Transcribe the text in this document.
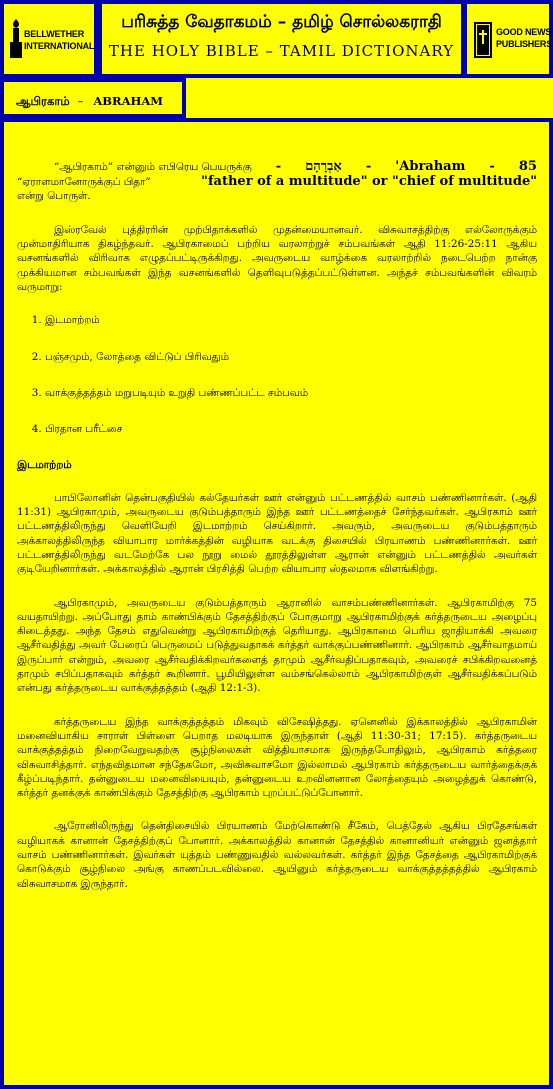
BELLWETHER
INTERNATIONAL
பரிசுத்த வேதாகமம் – தமிழ் சொல்லகராதி
THE HOLY BIBLE – TAMIL DICTIONARY
GOOD NEWS
PUBLISHERS
ஆபிரகாம் – ABRAHAM
“ஆபிரகாம்” என்னும் எபிரெய பெயருக்கு - אַבְרָהָם - 'Abraham - 85
“ஏராளமானோருக்குப் பிதா”	"father of a multitude" or "chief of multitude"
என்று பொருள்.

இஸ்ரவேல் புத்திரரின் முற்பிதாக்களில் முதன்மையானவர். விசுவாசத்திற்கு எல்லோருக்கும் முன்மாதிரியாக திகழ்ந்தவர். ஆபிரகாமைப் பற்றிய வரலாற்றுச் சம்பவங்கள் ஆதி 11:26-25:11 ஆகிய வசனங்களில் விரிவாக எழுதப்பட்டிருக்கிறது. அவருடைய வாழ்க்கை வரலாற்றில் நடைபெற்ற நான்கு முக்கியமான சம்பவங்கள் இந்த வசனங்களில் தெளிவுபடுத்தப்பட்டுள்ளன. அந்தச் சம்பவங்களின் விவரம் வருமாறு:

1. இடமாற்றம்
2. பஞ்சமும், லோத்தை விட்டுப் பிரிவதும்
3. வாக்குத்தத்தம் மறுபடியும் உறுதி பண்ணப்பட்ட சம்பவம்
4. பிரதான பரீட்சை
இடமாற்றம்

பாபிலோனின் தென்பகுதியில் கல்தேயர்கள் ஊர் என்னும் பட்டணத்தில் வாசம் பண்ணினார்கள். (ஆதி 11:31) ஆபிரகாமும், அவருடைய குடும்பத்தாரும் இந்த ஊர் பட்டணத்தைச் சேர்ந்தவர்கள். ஆபிரகாம் ஊர் பட்டணத்திலிருந்து வெளியேறி இடமாற்றம் செய்கிறார். அவரும், அவருடைய குடும்பத்தாரும் அக்காலத்திலிருந்த வியாபார மார்க்கத்தின் வழியாக வடக்கு திசையில் பிரயாணம் பண்ணினார்கள். ஊர் பட்டணத்திலிருந்து வடமேற்கே பல நூறு மைல் தூரத்திலுள்ள ஆரான் என்னும் பட்டணத்தில் அவர்கள் குடியேறினார்கள். அக்காலத்தில் ஆரான் பிரசித்தி பெற்ற வியாபார ஸ்தலமாக விளங்கிற்று.

ஆபிரகாமும், அவருடைய குடும்பத்தாரும் ஆரானில் வாசம்பண்ணினார்கள். ஆபிரகாமிற்கு 75 வயதாயிற்று. அப்போது தாம் காண்பிக்கும் தேசத்திற்குப் போகுமாறு ஆபிரகாமிற்குக் கர்த்தருடைய அழைப்பு கிடைத்தது. அந்த தேசம் எதுவென்று ஆபிரகாமிற்குத் தெரியாது. ஆபிரகாமை பெரிய ஜாதியாக்கி அவரை ஆசீர்வதித்து அவர் பேரைப் பெருமைப் படுத்துவதாகக் கர்த்தர் வாக்குப்பண்ணினார். ஆபிரகாம் ஆசீர்வாதமாய் இருப்பார் என்றும், அவரை ஆசீர்வதிக்கிறவர்களைத் தாமும் ஆசீர்வதிப்பதாகவும், அவரைச் சபிக்கிறவனைத் தாமும் சபிப்பதாகவும் கர்த்தர் கூறினார். பூமியிலுள்ள வம்சங்கெல்லாம் ஆபிரகாமிற்குள் ஆசீர்வதிக்கப்படும் என்பது கர்த்தருடைய வாக்குத்தத்தம் (ஆதி 12:1-3).

கர்த்தருடைய இந்த வாக்குத்தத்தம் மிகவும் விசேஷித்தது. ஏனெனில் இக்காலத்தில் ஆபிரகாமின் மனைவியாகிய சாராள் பிள்ளை பெறாத மலடியாக இருந்தாள் (ஆதி 11:30-31; 17:15). கர்த்தருடைய வாக்குத்தத்தம் நிறைவேறுவதற்கு சூழ்நிலைகள் வித்தியாசமாக இருந்தபோதிலும், ஆபிரகாம் கர்த்தரை விசுவாசித்தார். எந்தவிதமான சந்தேகமோ, அவிசுவாசமோ இல்லாமல் ஆபிரகாம் கர்த்தருடைய வார்த்தைக்குக் கீழ்ப்படிந்தார். தன்னுடைய மனைவியையும், தன்னுடைய உறவினனான லோத்தையும் அழைத்துக் கொண்டு, கர்த்தர் தனக்குக் காண்பிக்கும் தேசத்திற்கு ஆபிரகாம் புறப்பட்டுப்போனார்.

ஆரோனிலிருந்து தென்திசையில் பிரயாணம் மேற்கொண்டு சீகேம், பெத்தேல் ஆகிய பிரதேசங்கள் வழியாகக் கானான் தேசத்திற்குப் போனார். அக்காலத்தில் கானான் தேசத்தில் கானானியர் என்னும் ஜனத்தார் வாசம் பண்ணினார்கள். இவர்கள் யுத்தம் பண்ணுவதில் வல்லவர்கள். கர்த்தர் இந்த தேசத்தை ஆபிரகாமிற்குக் கொடுக்கும் சூழ்நிலை அங்கு காணப்படவில்லை. ஆயினும் கர்த்தருடைய வாக்குத்தத்தத்தில் ஆபிரகாம் விசுவாசமாக இருந்தார்.
